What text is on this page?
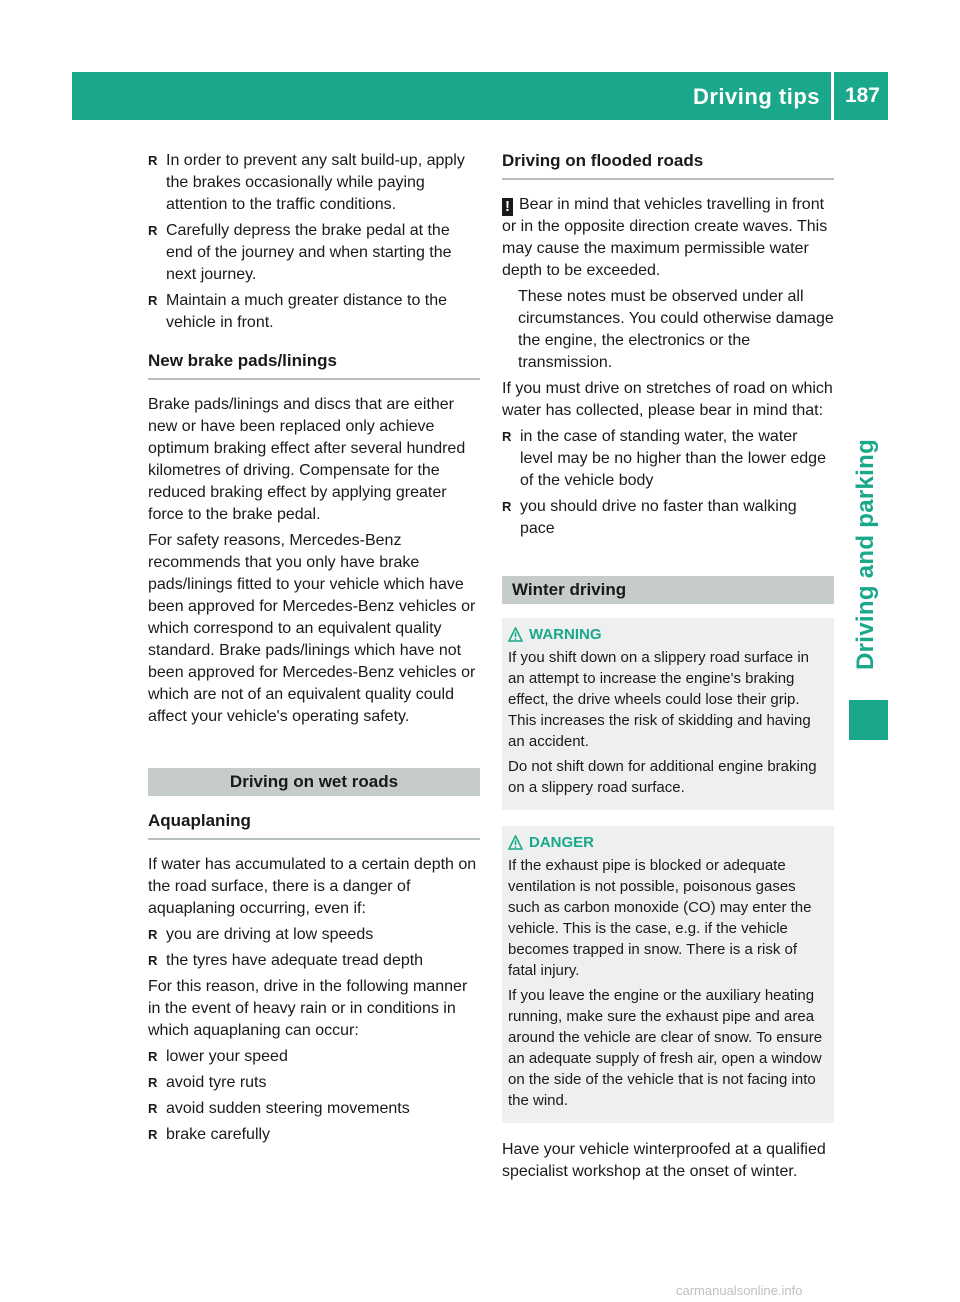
Driving tips 187
Driving and parking
R In order to prevent any salt build-up, apply the brakes occasionally while paying attention to the traffic conditions.
R Carefully depress the brake pedal at the end of the journey and when starting the next journey.
R Maintain a much greater distance to the vehicle in front.
New brake pads/linings

Brake pads/linings and discs that are either new or have been replaced only achieve optimum braking effect after several hundred kilometres of driving. Compensate for the reduced braking effect by applying greater force to the brake pedal.

For safety reasons, Mercedes-Benz recommends that you only have brake pads/linings fitted to your vehicle which have been approved for Mercedes-Benz vehicles or which correspond to an equivalent quality standard. Brake pads/linings which have not been approved for Mercedes-Benz vehicles or which are not of an equivalent quality could affect your vehicle's operating safety.

Driving on wet roads
Aquaplaning

If water has accumulated to a certain depth on the road surface, there is a danger of aquaplaning occurring, even if:

R you are driving at low speeds
R the tyres have adequate tread depth

For this reason, drive in the following manner in the event of heavy rain or in conditions in which aquaplaning can occur:

R lower your speed
R avoid tyre ruts
R avoid sudden steering movements
R brake carefully
Driving on flooded roads

! Bear in mind that vehicles travelling in front or in the opposite direction create waves. This may cause the maximum permissible water depth to be exceeded.

These notes must be observed under all circumstances. You could otherwise damage the engine, the electronics or the transmission.

If you must drive on stretches of road on which water has collected, please bear in mind that:

R in the case of standing water, the water level may be no higher than the lower edge of the vehicle body
R you should drive no faster than walking pace
Winter driving
WARNING

If you shift down on a slippery road surface in an attempt to increase the engine's braking effect, the drive wheels could lose their grip. This increases the risk of skidding and having an accident.

Do not shift down for additional engine braking on a slippery road surface.

DANGER

If the exhaust pipe is blocked or adequate ventilation is not possible, poisonous gases such as carbon monoxide (CO) may enter the vehicle. This is the case, e.g. if the vehicle becomes trapped in snow. There is a risk of fatal injury.

If you leave the engine or the auxiliary heating running, make sure the exhaust pipe and area around the vehicle are clear of snow. To ensure an adequate supply of fresh air, open a window on the side of the vehicle that is not facing into the wind.

Have your vehicle winterproofed at a qualified specialist workshop at the onset of winter.

carmanualsonline.info
